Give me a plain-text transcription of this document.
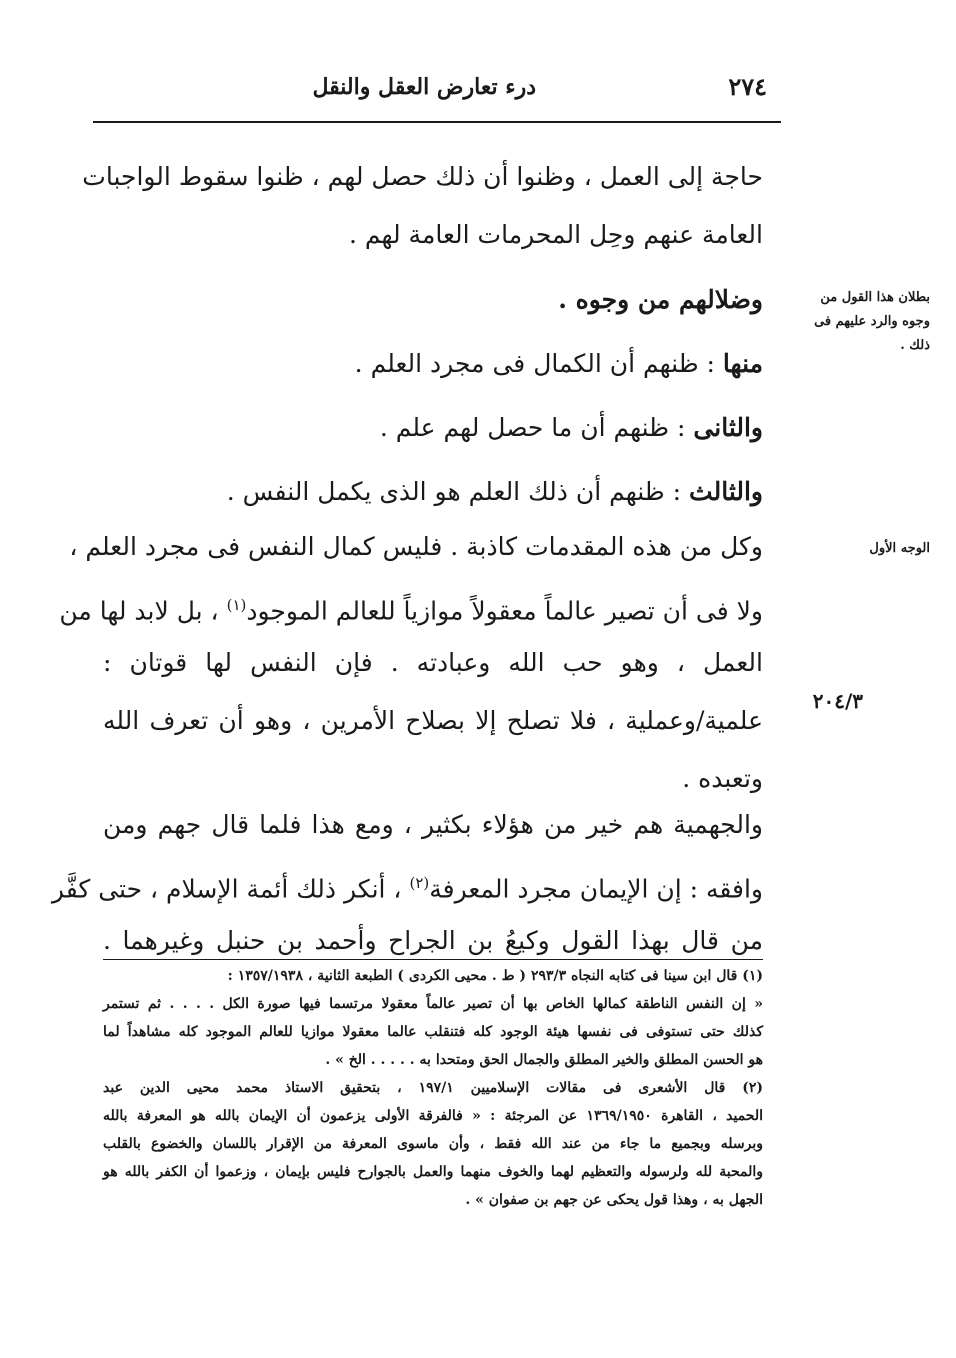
٢٧٤
درء تعارض العقل والنقل
حاجة إلى العمل ، وظنوا أن ذلك حصل لهم ، ظنوا سقوط الواجبات
العامة عنهم وحِل المحرمات العامة لهم .
بطلان هذا القول من
وجوه والرد عليهم فى
ذلك .
وضلالهم من وجوه .
منها : ظنهم أن الكمال فى مجرد العلم .
والثانى : ظنهم أن ما حصل لهم علم .
والثالث : ظنهم أن ذلك العلم هو الذى يكمل النفس .
الوجه الأول
وكل من هذه المقدمات كاذبة . فليس كمال النفس فى مجرد العلم ،
ولا فى أن تصير عالماً معقولاً موازياً للعالم الموجود$^{(١)}$ ، بل لابد لها من
العمل ، وهو حب الله وعبادته . فإن النفس لها قوتان :
علمية/وعملية ، فلا تصلح إلا بصلاح الأمرين ، وهو أن تعرف الله
وتعبده .
٢٠٤/٣
والجهمية هم خير من هؤلاء بكثير ، ومع هذا فلما قال جهم ومن
وافقه : إن الإيمان مجرد المعرفة$^{(٢)}$ ، أنكر ذلك أئمة الإسلام ، حتى كفَّر
من قال بهذا القول وكيعُ بن الجراح وأحمد بن حنبل وغيرهما .
(١) قال ابن سينا فى كتابه النجاه ٢٩٣/٣ ( ط . محيى الكردى ) الطبعة الثانية ، ١٣٥٧/١٩٣٨ :
« إن النفس الناطقة كمالها الخاص بها أن تصير عالماً معقولا مرتسما فيها صورة الكل . . . . ثم تستمر
كذلك حتى تستوفى فى نفسها هيئة الوجود كله فتنقلب عالما معقولا موازيا للعالم الموجود كله مشاهداً لما
هو الحسن المطلق والخير المطلق والجمال الحق ومتحدا به . . . . . الخ » .
(٢) قال الأشعرى فى مقالات الإسلاميين ١٩٧/١ ، بتحقيق الاستاذ محمد محيى الدين عبد
الحميد ، القاهرة ١٣٦٩/١٩٥٠ عن المرجئة : « فالفرقة الأولى يزعمون أن الإيمان بالله هو المعرفة بالله
وبرسله وبجميع ما جاء من عند الله فقط ، وأن ماسوى المعرفة من الإقرار باللسان والخضوع بالقلب
والمحبة لله ولرسوله والتعظيم لهما والخوف منهما والعمل بالجوارح فليس بإيمان ، وزعموا أن الكفر بالله هو
الجهل به ، وهذا قول يحكى عن جهم بن صفوان » .
